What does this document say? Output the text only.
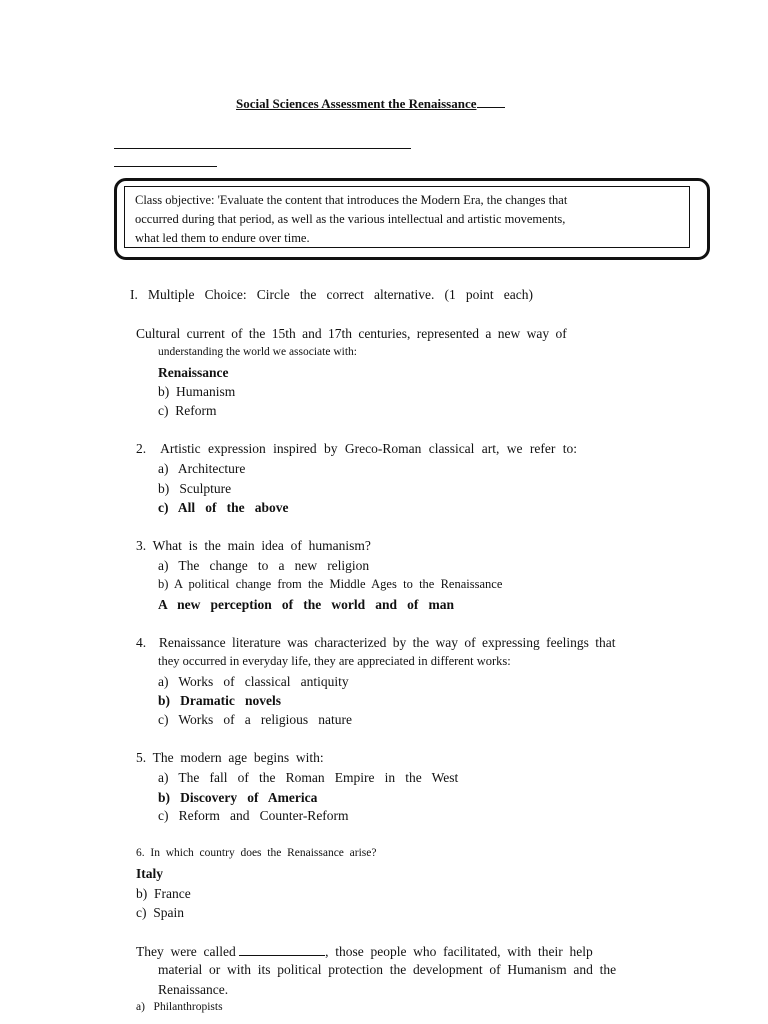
Social Sciences Assessment the Renaissance
Class objective: 'Evaluate the content that introduces the Modern Era, the changes that
occurred during that period, as well as the various intellectual and artistic movements,
what led them to endure over time.
I.   Multiple   Choice:   Circle   the   correct   alternative.   (1   point   each)
Cultural current of the 15th and 17th centuries, represented a new way of
understanding the world we associate with:
Renaissance
b)  Humanism
c)  Reform
2.  Artistic expression inspired by Greco-Roman classical art, we refer to:
a)   Architecture
b)   Sculpture
c)   All   of   the   above
3.  What  is  the  main  idea  of  humanism?
a)   The   change   to   a   new   religion
b)  A  political  change  from  the  Middle  Ages  to  the  Renaissance
A   new   perception   of   the   world   and   of   man
4.  Renaissance literature was characterized by the way of expressing feelings that
they occurred in everyday life, they are appreciated in different works:
a)   Works   of   classical   antiquity
b)   Dramatic   novels
c)   Works   of   a   religious   nature
5.  The  modern  age  begins  with:
a)   The   fall   of   the   Roman   Empire   in   the   West
b)   Discovery   of   America
c)   Reform   and   Counter-Reform
6.  In  which  country  does  the  Renaissance  arise?
Italy
b)  France
c)  Spain
They  were  called	,  those  people  who  facilitated,  with  their  help
material  or  with  its  political  protection  the  development  of  Humanism  and  the
Renaissance.
a)   Philanthropists
